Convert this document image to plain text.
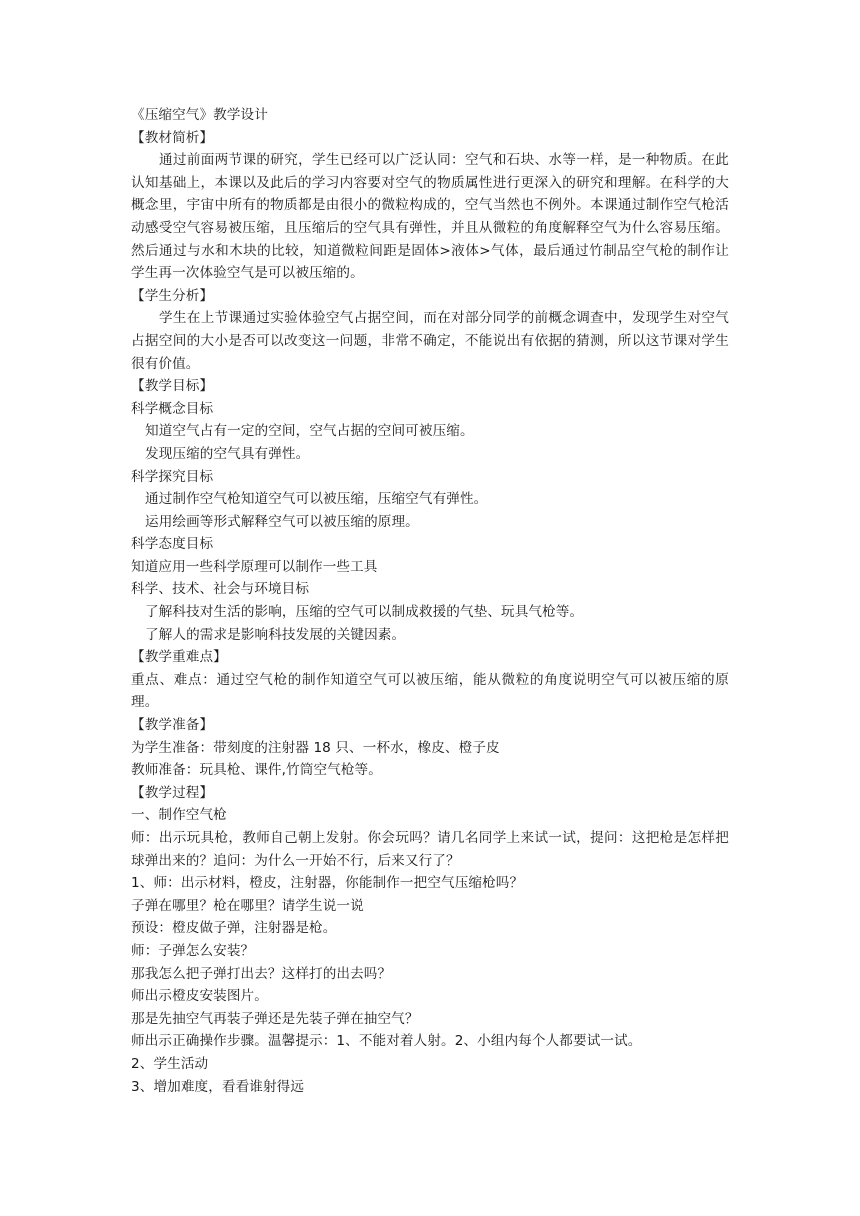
《压缩空气》教学设计
【教材简析】
通过前面两节课的研究，学生已经可以广泛认同：空气和石块、水等一样，是一种物质。在此认知基础上，本课以及此后的学习内容要对空气的物质属性进行更深入的研究和理解。在科学的大概念里，宇宙中所有的物质都是由很小的微粒构成的，空气当然也不例外。本课通过制作空气枪活动感受空气容易被压缩，且压缩后的空气具有弹性，并且从微粒的角度解释空气为什么容易压缩。然后通过与水和木块的比较，知道微粒间距是固体>液体>气体，最后通过竹制品空气枪的制作让学生再一次体验空气是可以被压缩的。
【学生分析】
学生在上节课通过实验体验空气占据空间，而在对部分同学的前概念调查中，发现学生对空气占据空间的大小是否可以改变这一问题，非常不确定，不能说出有依据的猜测，所以这节课对学生很有价值。
【教学目标】
科学概念目标
知道空气占有一定的空间，空气占据的空间可被压缩。
发现压缩的空气具有弹性。
科学探究目标
通过制作空气枪知道空气可以被压缩，压缩空气有弹性。
运用绘画等形式解释空气可以被压缩的原理。
科学态度目标
知道应用一些科学原理可以制作一些工具
科学、技术、社会与环境目标
了解科技对生活的影响，压缩的空气可以制成救援的气垫、玩具气枪等。
了解人的需求是影响科技发展的关键因素。
【教学重难点】
重点、难点：通过空气枪的制作知道空气可以被压缩，能从微粒的角度说明空气可以被压缩的原理。
【教学准备】
为学生准备：带刻度的注射器 18 只、一杯水，橡皮、橙子皮
教师准备：玩具枪、课件,竹筒空气枪等。
【教学过程】
一、制作空气枪
师：出示玩具枪，教师自己朝上发射。你会玩吗？请几名同学上来试一试，提问：这把枪是怎样把球弹出来的？追问：为什么一开始不行，后来又行了？
1、师：出示材料，橙皮，注射器，你能制作一把空气压缩枪吗？
子弹在哪里？枪在哪里？请学生说一说
预设：橙皮做子弹，注射器是枪。
师：子弹怎么安装？
那我怎么把子弹打出去？这样打的出去吗？
师出示橙皮安装图片。
那是先抽空气再装子弹还是先装子弹在抽空气？
师出示正确操作步骤。温馨提示：1、不能对着人射。2、小组内每个人都要试一试。
2、学生活动
3、增加难度，看看谁射得远
